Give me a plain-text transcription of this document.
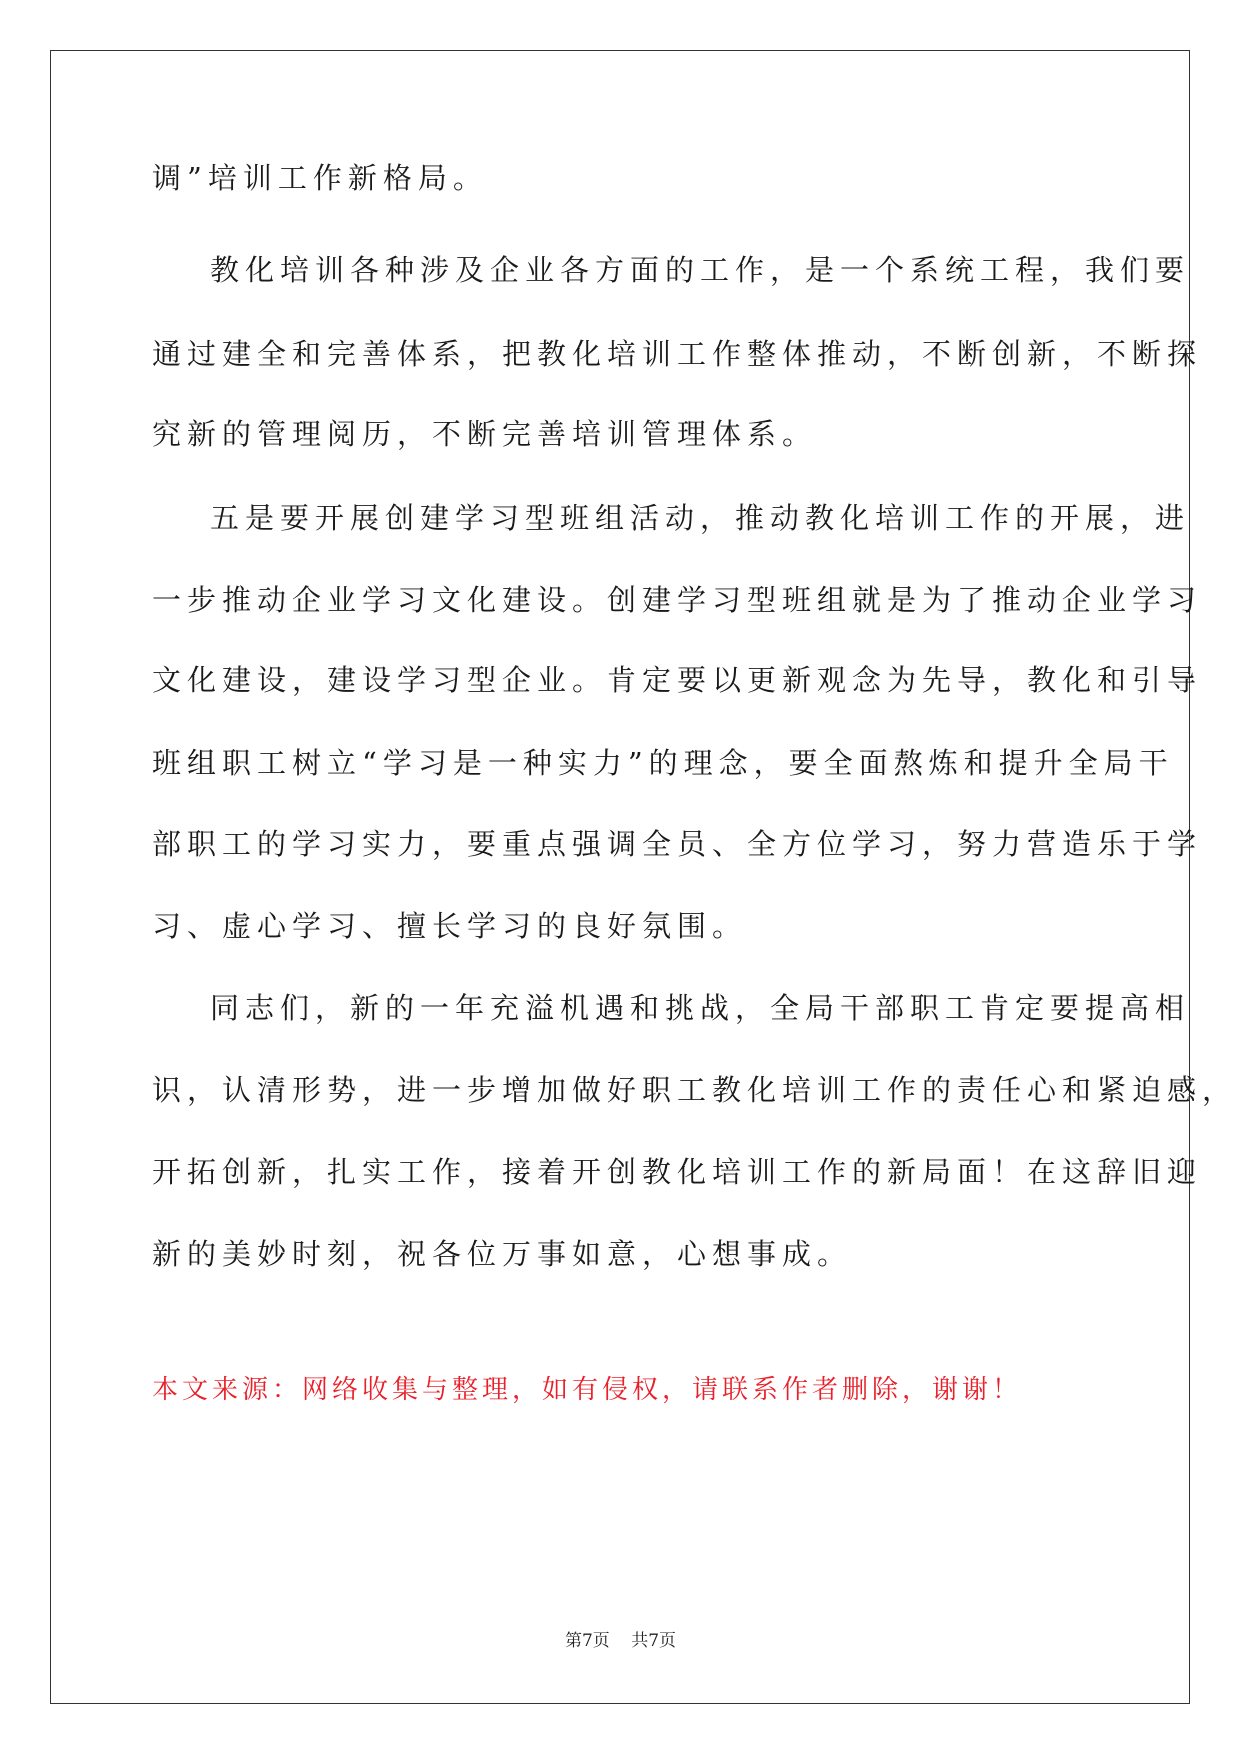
调”培训工作新格局。

教化培训各种涉及企业各方面的工作，是一个系统工程，我们要

通过建全和完善体系，把教化培训工作整体推动，不断创新，不断探

究新的管理阅历，不断完善培训管理体系。

五是要开展创建学习型班组活动，推动教化培训工作的开展，进

一步推动企业学习文化建设。创建学习型班组就是为了推动企业学习

文化建设，建设学习型企业。肯定要以更新观念为先导，教化和引导

班组职工树立“学习是一种实力”的理念，要全面熬炼和提升全局干

部职工的学习实力，要重点强调全员、全方位学习，努力营造乐于学

习、虚心学习、擅长学习的良好氛围。

同志们，新的一年充溢机遇和挑战，全局干部职工肯定要提高相

识，认清形势，进一步增加做好职工教化培训工作的责任心和紧迫感，

开拓创新，扎实工作，接着开创教化培训工作的新局面！在这辞旧迎

新的美妙时刻，祝各位万事如意，心想事成。

本文来源：网络收集与整理，如有侵权，请联系作者删除，谢谢！

第7页 共7页
